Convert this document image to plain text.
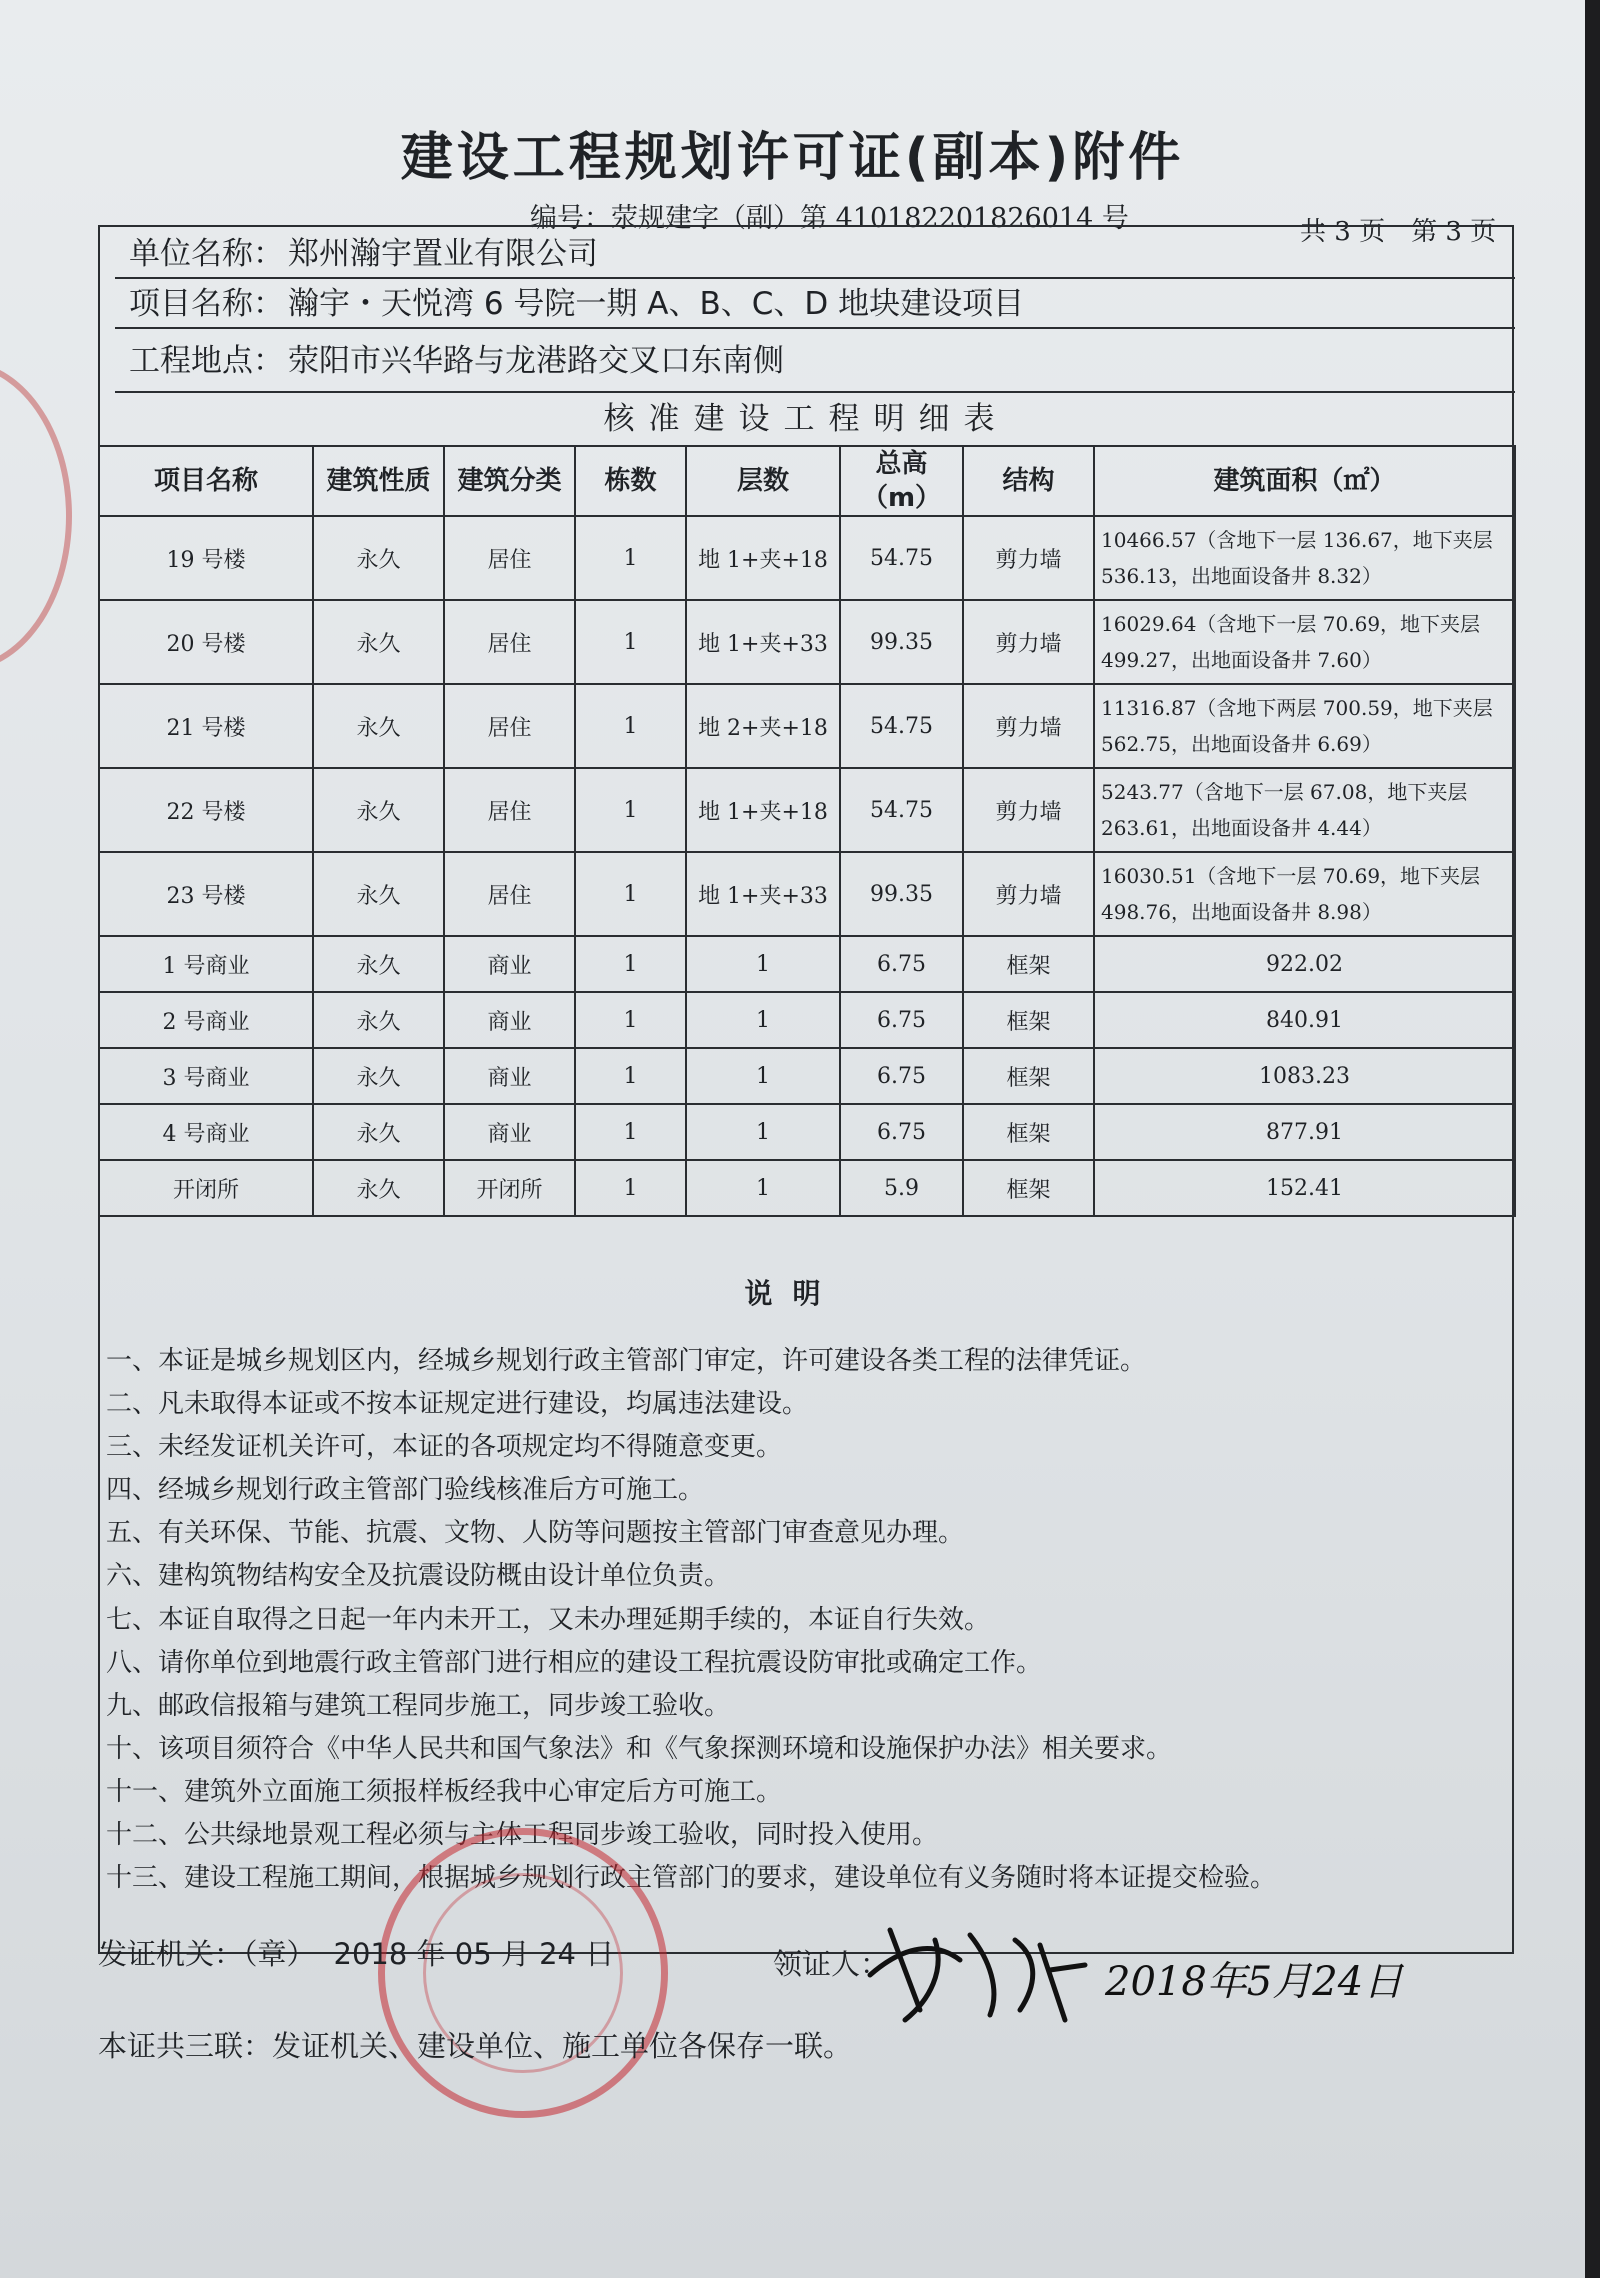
建设工程规划许可证(副本)附件
编号：荥规建字（副）第 410182201826014 号	共 3 页　第 3 页
单位名称： 郑州瀚宇置业有限公司
项目名称： 瀚宇・天悦湾 6 号院一期 A、B、C、D 地块建设项目
工程地点： 荥阳市兴华路与龙港路交叉口东南侧
核准建设工程明细表
项目名称	建筑性质	建筑分类	栋数	层数	总高（m）	结构	建筑面积（㎡）
19 号楼	永久	居住	1	地 1+夹+18	54.75	剪力墙	10466.57（含地下一层 136.67，地下夹层 536.13，出地面设备井 8.32）
20 号楼	永久	居住	1	地 1+夹+33	99.35	剪力墙	16029.64（含地下一层 70.69，地下夹层 499.27，出地面设备井 7.60）
21 号楼	永久	居住	1	地 2+夹+18	54.75	剪力墙	11316.87（含地下两层 700.59，地下夹层 562.75，出地面设备井 6.69）
22 号楼	永久	居住	1	地 1+夹+18	54.75	剪力墙	5243.77（含地下一层 67.08，地下夹层 263.61，出地面设备井 4.44）
23 号楼	永久	居住	1	地 1+夹+33	99.35	剪力墙	16030.51（含地下一层 70.69，地下夹层 498.76，出地面设备井 8.98）
1 号商业	永久	商业	1	1	6.75	框架	922.02
2 号商业	永久	商业	1	1	6.75	框架	840.91
3 号商业	永久	商业	1	1	6.75	框架	1083.23
4 号商业	永久	商业	1	1	6.75	框架	877.91
开闭所	永久	开闭所	1	1	5.9	框架	152.41
说明
一、本证是城乡规划区内，经城乡规划行政主管部门审定，许可建设各类工程的法律凭证。
二、凡未取得本证或不按本证规定进行建设，均属违法建设。
三、未经发证机关许可，本证的各项规定均不得随意变更。
四、经城乡规划行政主管部门验线核准后方可施工。
五、有关环保、节能、抗震、文物、人防等问题按主管部门审查意见办理。
六、建构筑物结构安全及抗震设防概由设计单位负责。
七、本证自取得之日起一年内未开工，又未办理延期手续的，本证自行失效。
八、请你单位到地震行政主管部门进行相应的建设工程抗震设防审批或确定工作。
九、邮政信报箱与建筑工程同步施工，同步竣工验收。
十、该项目须符合《中华人民共和国气象法》和《气象探测环境和设施保护办法》相关要求。
十一、建筑外立面施工须报样板经我中心审定后方可施工。
十二、公共绿地景观工程必须与主体工程同步竣工验收，同时投入使用。
十三、建设工程施工期间，根据城乡规划行政主管部门的要求，建设单位有义务随时将本证提交检验。
发证机关：（章） 2018 年 05 月 24 日	领证人：	2018年5月24日
本证共三联：发证机关、建设单位、施工单位各保存一联。
